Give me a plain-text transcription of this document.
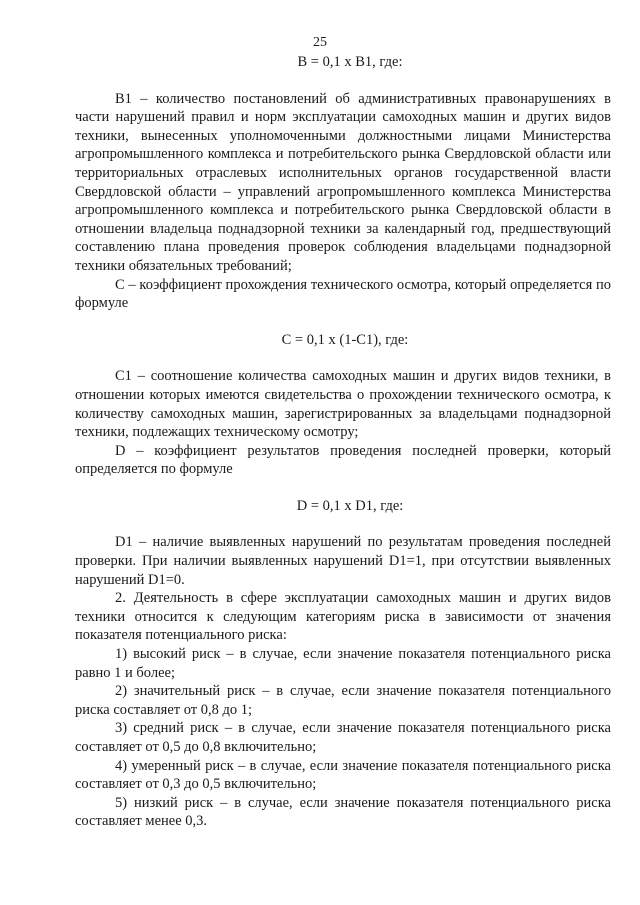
25
B = 0,1 x B1, где:

B1 – количество постановлений об административных правонарушениях в части нарушений правил и норм эксплуатации самоходных машин и других видов техники, вынесенных уполномоченными должностными лицами Министерства агропромышленного комплекса и потребительского рынка Свердловской области или территориальных отраслевых исполнительных органов государственной власти Свердловской области – управлений агропромышленного комплекса Министерства агропромышленного комплекса и потребительского рынка Свердловской области в отношении владельца поднадзорной техники за календарный год, предшествующий составлению плана проведения проверок соблюдения владельцами поднадзорной техники обязательных требований;

C – коэффициент прохождения технического осмотра, который определяется по формуле

C = 0,1 x (1-C1), где:

C1 – соотношение количества самоходных машин и других видов техники, в отношении которых имеются свидетельства о прохождении технического осмотра, к количеству самоходных машин, зарегистрированных за владельцами поднадзорной техники, подлежащих техническому осмотру;

D – коэффициент результатов проведения последней проверки, который определяется по формуле

D = 0,1 x D1, где:

D1 – наличие выявленных нарушений по результатам проведения последней проверки. При наличии выявленных нарушений D1=1, при отсутствии выявленных нарушений D1=0.

2. Деятельность в сфере эксплуатации самоходных машин и других видов техники относится к следующим категориям риска в зависимости от значения показателя потенциального риска:

1) высокий риск – в случае, если значение показателя потенциального риска равно 1 и более;

2) значительный риск – в случае, если значение показателя потенциального риска составляет от 0,8 до 1;

3) средний риск – в случае, если значение показателя потенциального риска составляет от 0,5 до 0,8 включительно;

4) умеренный риск – в случае, если значение показателя потенциального риска составляет от 0,3 до 0,5 включительно;

5) низкий риск – в случае, если значение показателя потенциального риска составляет менее 0,3.
